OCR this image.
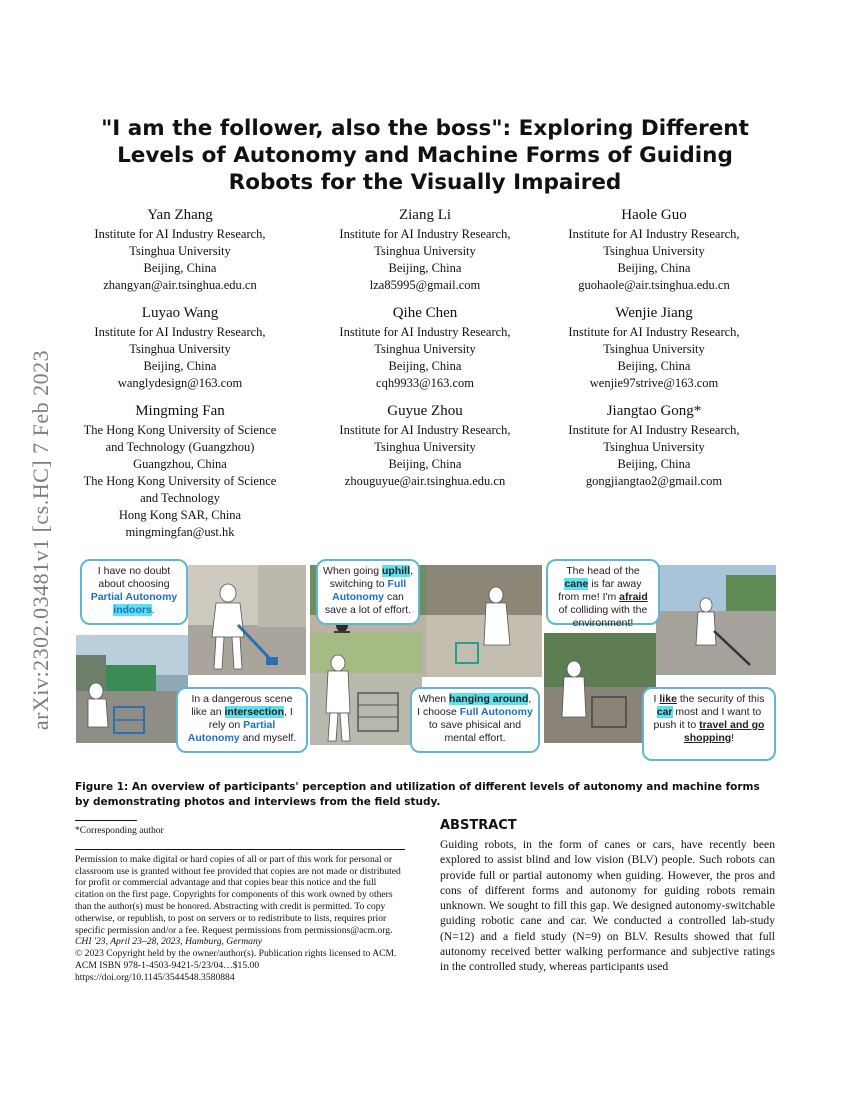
arXiv:2302.03481v1 [cs.HC] 7 Feb 2023
"I am the follower, also the boss": Exploring Different Levels of Autonomy and Machine Forms of Guiding Robots for the Visually Impaired
Yan Zhang
Institute for AI Industry Research,
Tsinghua University
Beijing, China
zhangyan@air.tsinghua.edu.cn
Ziang Li
Institute for AI Industry Research,
Tsinghua University
Beijing, China
lza85995@gmail.com
Haole Guo
Institute for AI Industry Research,
Tsinghua University
Beijing, China
guohaole@air.tsinghua.edu.cn
Luyao Wang
Institute for AI Industry Research,
Tsinghua University
Beijing, China
wanglydesign@163.com
Qihe Chen
Institute for AI Industry Research,
Tsinghua University
Beijing, China
cqh9933@163.com
Wenjie Jiang
Institute for AI Industry Research,
Tsinghua University
Beijing, China
wenjie97strive@163.com
Mingming Fan
The Hong Kong University of Science
and Technology (Guangzhou)
Guangzhou, China
The Hong Kong University of Science
and Technology
Hong Kong SAR, China
mingmingfan@ust.hk
Guyue Zhou
Institute for AI Industry Research,
Tsinghua University
Beijing, China
zhouguyue@air.tsinghua.edu.cn
Jiangtao Gong*
Institute for AI Industry Research,
Tsinghua University
Beijing, China
gongjiangtao2@gmail.com
I have no doubt about choosing Partial Autonomy indoors.
In a dangerous scene like an intersection, I rely on Partial Autonomy and myself.
When going uphill, switching to Full Autonomy can save a lot of effort.
When hanging around, I choose Full Autonomy to save phisical and mental effort.
The head of the cane is far away from me! I'm afraid of colliding with the environment!
I like the security of this car most and I want to push it to travel and go shopping!
Figure 1: An overview of participants' perception and utilization of different levels of autonomy and machine forms by demonstrating photos and interviews from the field study.
*Corresponding author
Permission to make digital or hard copies of all or part of this work for personal or classroom use is granted without fee provided that copies are not made or distributed for profit or commercial advantage and that copies bear this notice and the full citation on the first page. Copyrights for components of this work owned by others than the author(s) must be honored. Abstracting with credit is permitted. To copy otherwise, or republish, to post on servers or to redistribute to lists, requires prior specific permission and/or a fee. Request permissions from permissions@acm.org.
CHI '23, April 23–28, 2023, Hamburg, Germany
© 2023 Copyright held by the owner/author(s). Publication rights licensed to ACM.
ACM ISBN 978-1-4503-9421-5/23/04…$15.00
https://doi.org/10.1145/3544548.3580884
ABSTRACT
Guiding robots, in the form of canes or cars, have recently been explored to assist blind and low vision (BLV) people. Such robots can provide full or partial autonomy when guiding. However, the pros and cons of different forms and autonomy for guiding robots remain unknown. We sought to fill this gap. We designed autonomy-switchable guiding robotic cane and car. We conducted a controlled lab-study (N=12) and a field study (N=9) on BLV. Results showed that full autonomy received better walking performance and subjective ratings in the controlled study, whereas participants used
